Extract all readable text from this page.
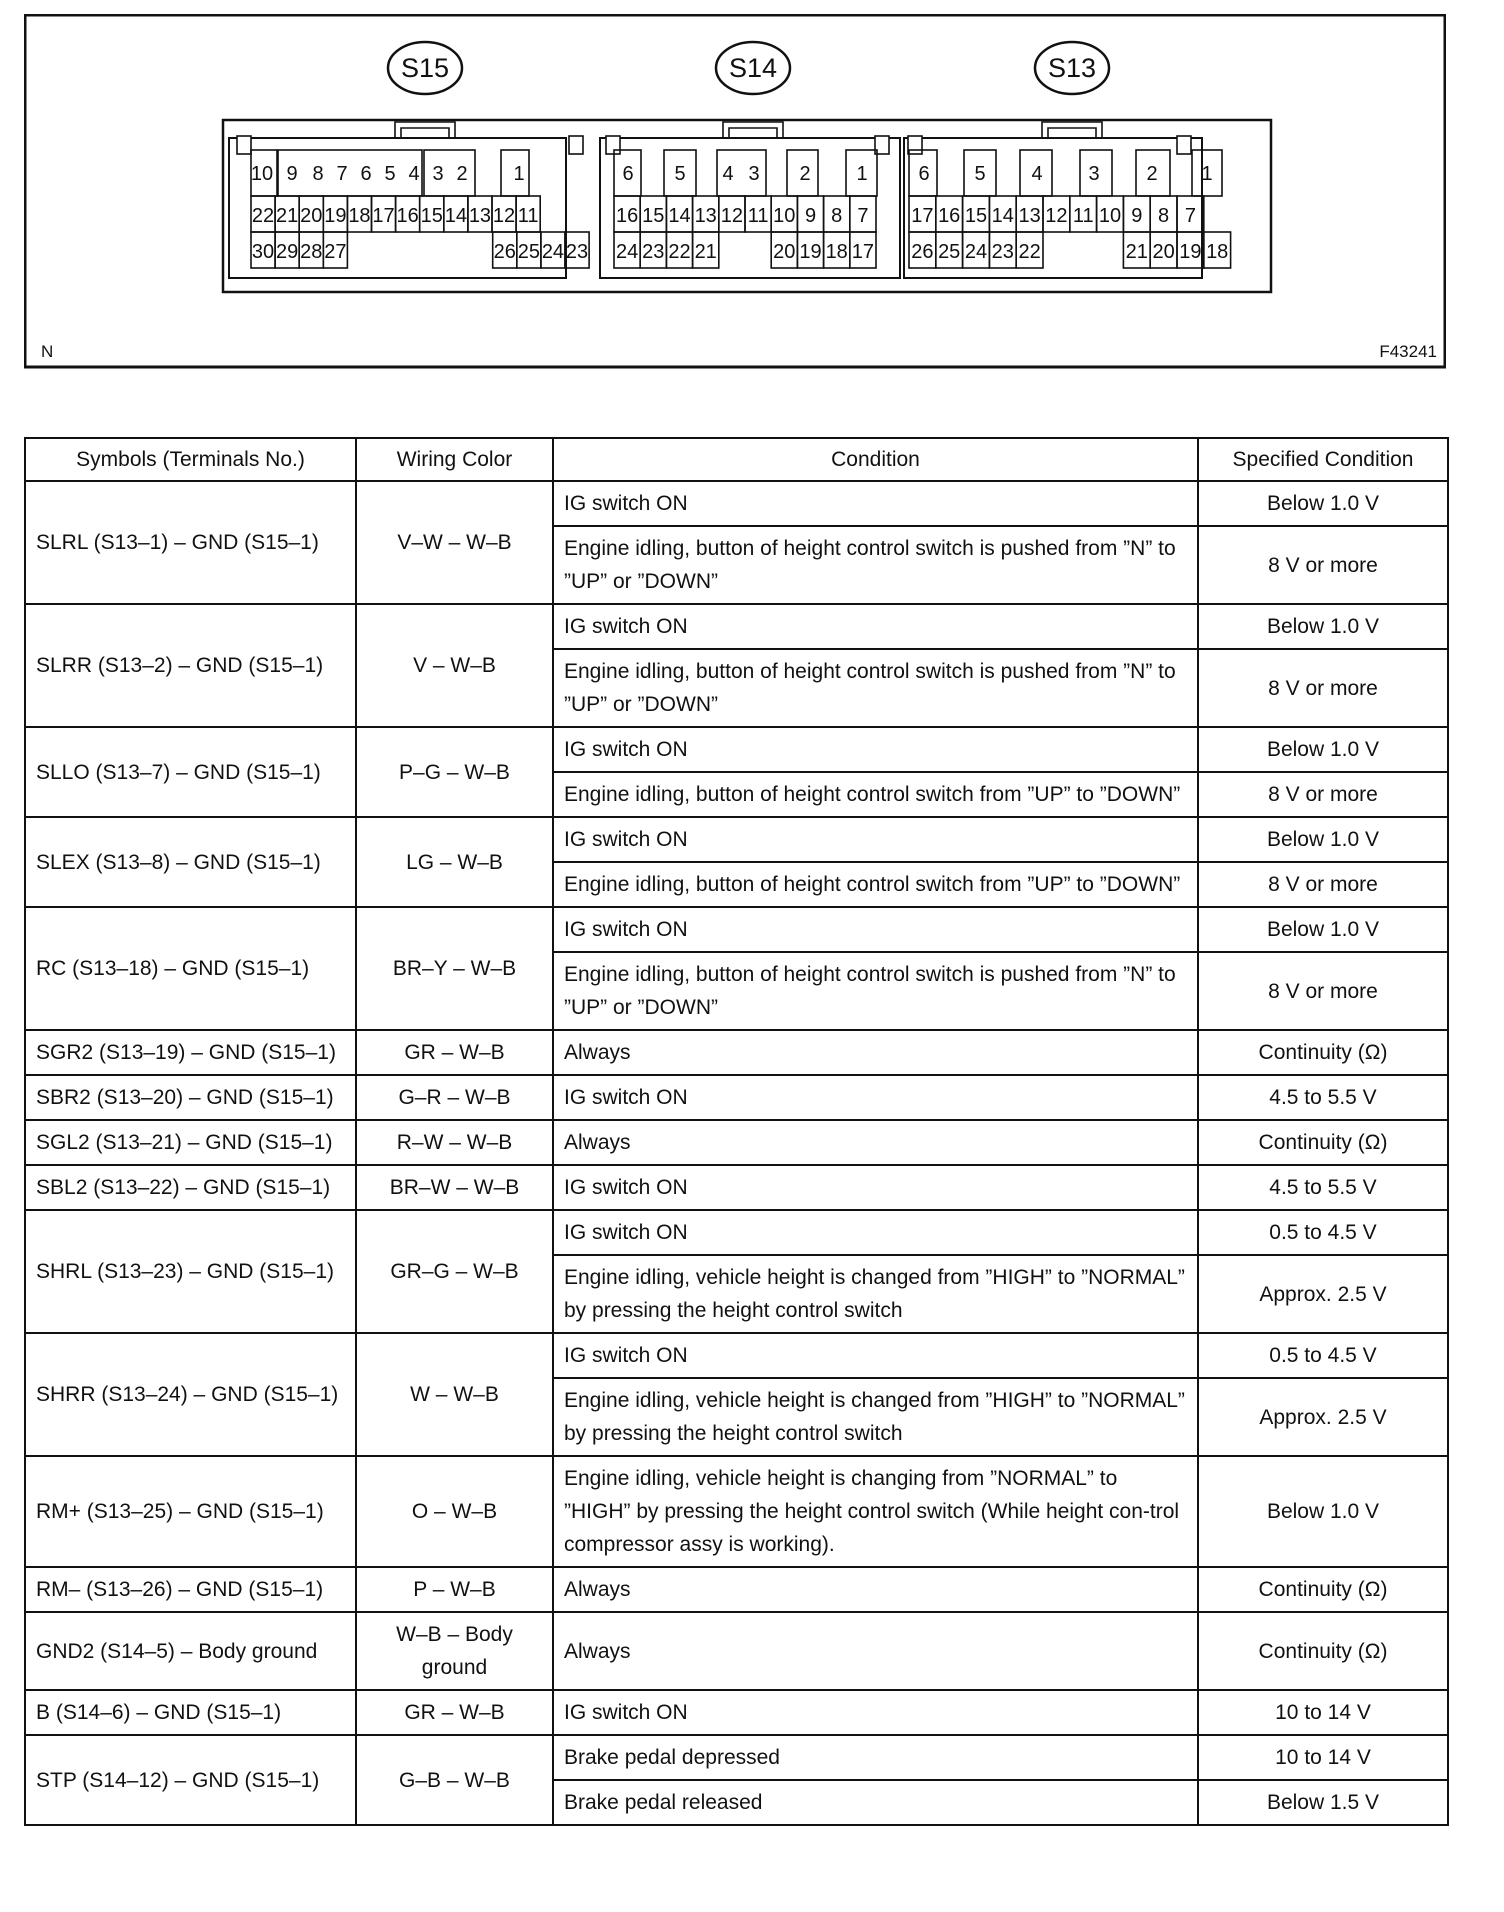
N	F43241
S15
10 9 8 7 6 5 4 3 2 1
22 21 20 19 18 17 16 15 14 13 12 11
30 29 28 27	26 25 24 23
S14
6 5 4 3 2 1
16 15 14 13 12 11 10 9 8 7
24 23 22 21	20 19 18 17
S13
6 5 4 3 2 1
17 16 15 14 13 12 11 10 9 8 7
26 25 24 23 22	21 20 19 18
Symbols (Terminals No.)	Wiring Color	Condition	Specified Condition
SLRL (S13–1) – GND (S15–1)	V–W – W–B	IG switch ON	Below 1.0 V
		Engine idling, button of height control switch is pushed from ”N” to ”UP” or ”DOWN”	8 V or more
SLRR (S13–2) – GND (S15–1)	V – W–B	IG switch ON	Below 1.0 V
		Engine idling, button of height control switch is pushed from ”N” to ”UP” or ”DOWN”	8 V or more
SLLO (S13–7) – GND (S15–1)	P–G – W–B	IG switch ON	Below 1.0 V
		Engine idling, button of height control switch from ”UP” to ”DOWN”	8 V or more
SLEX (S13–8) – GND (S15–1)	LG – W–B	IG switch ON	Below 1.0 V
		Engine idling, button of height control switch from ”UP” to ”DOWN”	8 V or more
RC (S13–18) – GND (S15–1)	BR–Y – W–B	IG switch ON	Below 1.0 V
		Engine idling, button of height control switch is pushed from ”N” to ”UP” or ”DOWN”	8 V or more
SGR2 (S13–19) – GND (S15–1)	GR – W–B	Always	Continuity (Ω)
SBR2 (S13–20) – GND (S15–1)	G–R – W–B	IG switch ON	4.5 to 5.5 V
SGL2 (S13–21) – GND (S15–1)	R–W – W–B	Always	Continuity (Ω)
SBL2 (S13–22) – GND (S15–1)	BR–W – W–B	IG switch ON	4.5 to 5.5 V
SHRL (S13–23) – GND (S15–1)	GR–G – W–B	IG switch ON	0.5 to 4.5 V
		Engine idling, vehicle height is changed from ”HIGH” to ”NORMAL” by pressing the height control switch	Approx. 2.5 V
SHRR (S13–24) – GND (S15–1)	W – W–B	IG switch ON	0.5 to 4.5 V
		Engine idling, vehicle height is changed from ”HIGH” to ”NORMAL” by pressing the height control switch	Approx. 2.5 V
RM+ (S13–25) – GND (S15–1)	O – W–B	Engine idling, vehicle height is changing from ”NORMAL” to ”HIGH” by pressing the height control switch (While height con-trol compressor assy is working).	Below 1.0 V
RM– (S13–26) – GND (S15–1)	P – W–B	Always	Continuity (Ω)
GND2 (S14–5) – Body ground	W–B – Body ground	Always	Continuity (Ω)
B (S14–6) – GND (S15–1)	GR – W–B	IG switch ON	10 to 14 V
STP (S14–12) – GND (S15–1)	G–B – W–B	Brake pedal depressed	10 to 14 V
		Brake pedal released	Below 1.5 V
